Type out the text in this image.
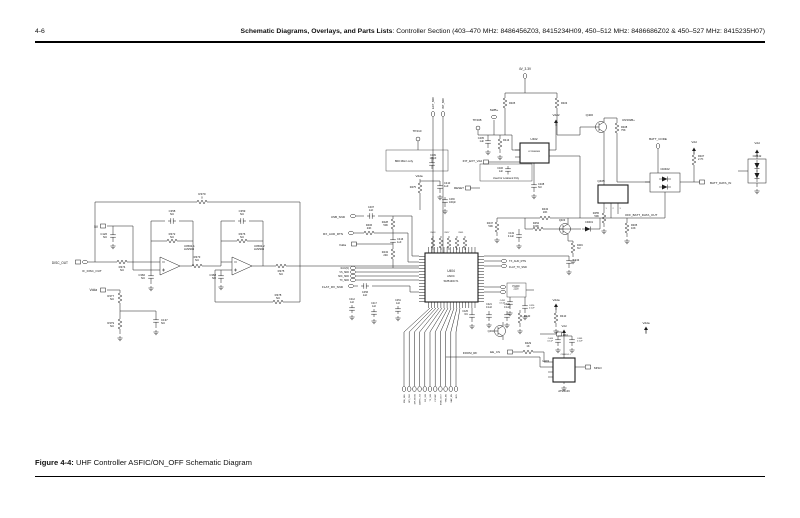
4-6	Schematic Diagrams, Overlays, and Parts Lists: Controller Section (403–470 MHz: 8486456Z03, 8415234H09, 450–512 MHz: 8486686Z02 & 450–527 MHz: 8415235H07)
BW_SEL SPI_CLK SPI_MOSI	ASFIC_CS RX_SSI TX_SSI FSYNC MOD_OUT TRB_EN	SAP_EN BCL
R370 0
DISC_OUT
IF_DISC_OUT
5V
C126 NU
R374 NU
C358 NU
R372 NU
U0502-1 LM2904
C360 NU
R373 NU
C359 NU
R376 NU
U0502-2 LM2904
C368 NU
R375 NU
R378 NU
Vdda
R377 NU
R379 NU
C137 NU
USB_SND
C407 1uF
RX_AUD_RTN
R406 24K
Vdda
R428 50K
C416 1uF
R443 24K
RAC(N)
VS_SND
MIC_SND
TX_SND
FLAT_RX_SND
C456 1uF
4V_3.3V
R405	R403
SWB+
TP408
TP410
EXT_MIC INT_MIC
C405 1uF	R413
800 MHz only
C409 100pF
Vdda
R475
C410 1uF
C436 100pF
INT_EXT_Vdd
RESET
U402
LP2986IMM
C408 NU
C406 1uF
Used for Lowband Only
Vdd2	Q400
UNSWB+
R408 75K
BATT_CODE
Vdd
R407 2.7K
CR402
BATT_DATA_IN
Q405
1	2	3
R455 50K	OFF_BATT_DATA_OUT
Vdd
CR442
R447 50K
R443 10K
R452 100K
Q403
CR401
C419 0.1uF
R449 NU
R465 10K
U404
ASFIC
5185130C71
R453	R457	R461
C412 1uF	C417 1uF
C451 1uF
C425 NU
C421 0.1uF
C422 0.1uF
Q404
R440
Vdda
R410
ON
FROM_RF	EE_CS
R429 1K
Vdd
C444 0.1uF
C445 0.1uF
CR403-1-7
U403
AT93C46
MISO
Vdda
TX_AUD_RTN
FLAT_TX_SND
C433
PG000 2200
C432 0.1uF
C420 0.1uF
Figure 4-4: UHF Controller ASFIC/ON_OFF Schematic Diagram
